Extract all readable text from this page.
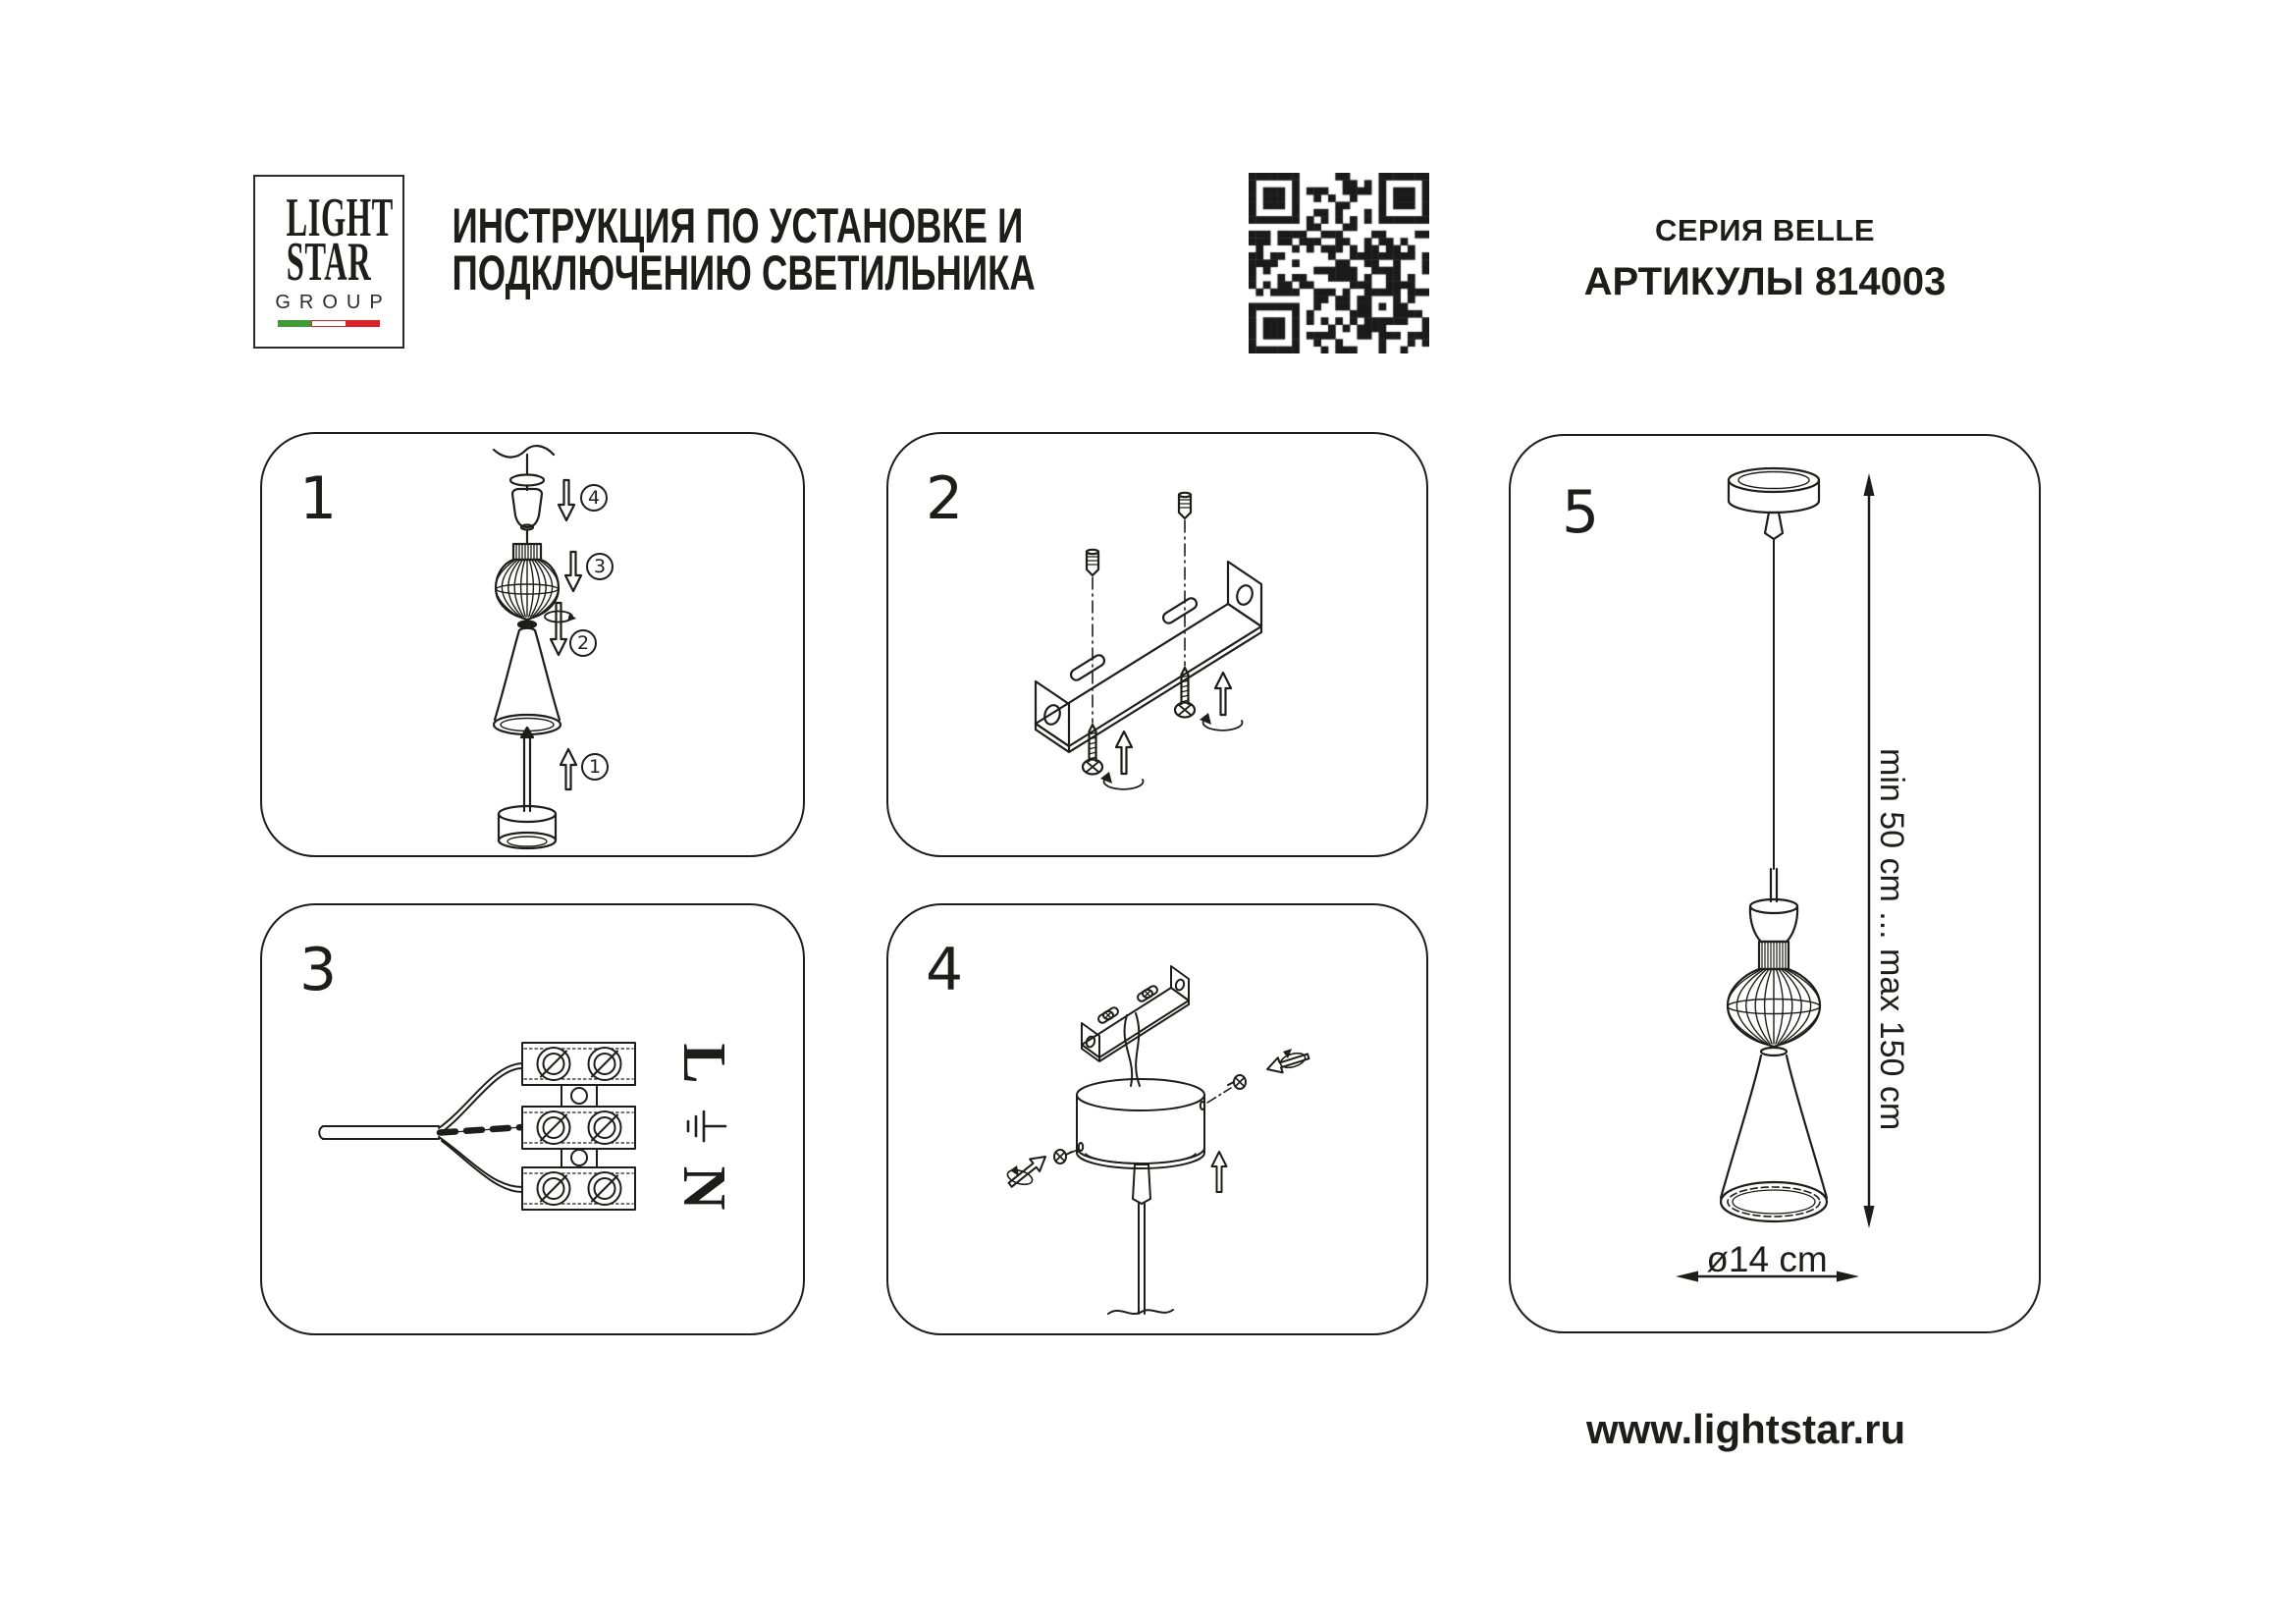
LIGHT
STAR
GROUP
ИНСТРУКЦИЯ ПО УСТАНОВКЕ И
ПОДКЛЮЧЕНИЮ СВЕТИЛЬНИКА
СЕРИЯ BELLE
АРТИКУЛЫ 814003
1	4
3
2
1
2
3
L
N
4
5
min 50 cm ... max 150 cm
ø14 cm
www.lightstar.ru
